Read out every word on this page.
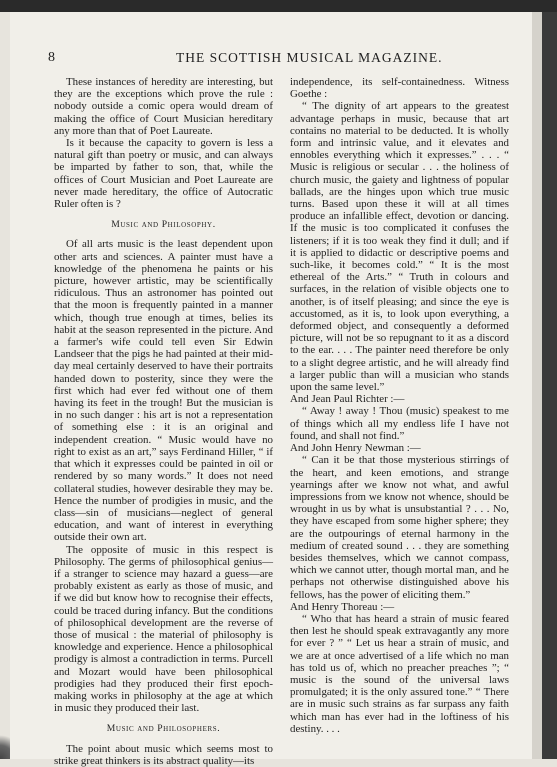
8	THE SCOTTISH MUSICAL MAGAZINE.

These instances of heredity are interesting, but they are the exceptions which prove the rule : nobody outside a comic opera would dream of making the office of Court Musician hereditary any more than that of Poet Laureate.

Is it because the capacity to govern is less a natural gift than poetry or music, and can always be imparted by father to son, that, while the offices of Court Musician and Poet Laureate are never made hereditary, the office of Autocratic Ruler often is ?

Music and Philosophy.

Of all arts music is the least dependent upon other arts and sciences. A painter must have a knowledge of the phenomena he paints or his picture, however artistic, may be scientifically ridiculous. Thus an astronomer has pointed out that the moon is frequently painted in a manner which, though true enough at times, belies its habit at the season represented in the picture. And a farmer's wife could tell even Sir Edwin Landseer that the pigs he had painted at their mid-day meal certainly deserved to have their portraits handed down to posterity, since they were the first which had ever fed without one of them having its feet in the trough! But the musician is in no such danger : his art is not a representation of something else : it is an original and independent creation. “ Music would have no right to exist as an art,” says Ferdinand Hiller, “ if that which it expresses could be painted in oil or rendered by so many words.” It does not need collateral studies, however desirable they may be. Hence the number of prodigies in music, and the class—sin of musicians—neglect of general education, and want of interest in everything outside their own art.

The opposite of music in this respect is Philosophy. The germs of philosophical genius—if a stranger to science may hazard a guess—are probably existent as early as those of music, and if we did but know how to recognise their effects, could be traced during infancy. But the conditions of philosophical development are the reverse of those of musical : the material of philosophy is knowledge and experience. Hence a philosophical prodigy is almost a contradiction in terms. Purcell and Mozart would have been philosophical prodigies had they produced their first epoch-making works in philosophy at the age at which in music they produced their last.

Music and Philosophers.

The point about music which seems most to strike great thinkers is its abstract quality—its

independence, its self-containedness. Witness Goethe :

“ The dignity of art appears to the greatest advantage perhaps in music, because that art contains no material to be deducted. It is wholly form and intrinsic value, and it elevates and ennobles everything which it expresses.” . . . “ Music is religious or secular . . . the holiness of church music, the gaiety and lightness of popular ballads, are the hinges upon which true music turns. Based upon these it will at all times produce an infallible effect, devotion or dancing. If the music is too complicated it confuses the listeners; if it is too weak they find it dull; and if it is applied to didactic or descriptive poems and such-like, it becomes cold.” “ It is the most ethereal of the Arts.” “ Truth in colours and surfaces, in the relation of visible objects one to another, is of itself pleasing; and since the eye is accustomed, as it is, to look upon everything, a deformed object, and consequently a deformed picture, will not be so repugnant to it as a discord to the ear. . . . The painter need therefore be only to a slight degree artistic, and he will already find a larger public than will a musician who stands upon the same level.”

And Jean Paul Richter :—

“ Away ! away ! Thou (music) speakest to me of things which all my endless life I have not found, and shall not find.”

And John Henry Newman :—

“ Can it be that those mysterious stirrings of the heart, and keen emotions, and strange yearnings after we know not what, and awful impressions from we know not whence, should be wrought in us by what is unsubstantial ? . . . No, they have escaped from some higher sphere; they are the outpourings of eternal harmony in the medium of created sound . . . they are something besides themselves, which we cannot compass, which we cannot utter, though mortal man, and he perhaps not otherwise distinguished above his fellows, has the power of eliciting them.”

And Henry Thoreau :—

“ Who that has heard a strain of music feared then lest he should speak extravagantly any more for ever ? ” “ Let us hear a strain of music, and we are at once advertised of a life which no man has told us of, which no preacher preaches ”; “ music is the sound of the universal laws promulgated; it is the only assured tone.” “ There are in music such strains as far surpass any faith which man has ever had in the loftiness of his destiny. . . .
